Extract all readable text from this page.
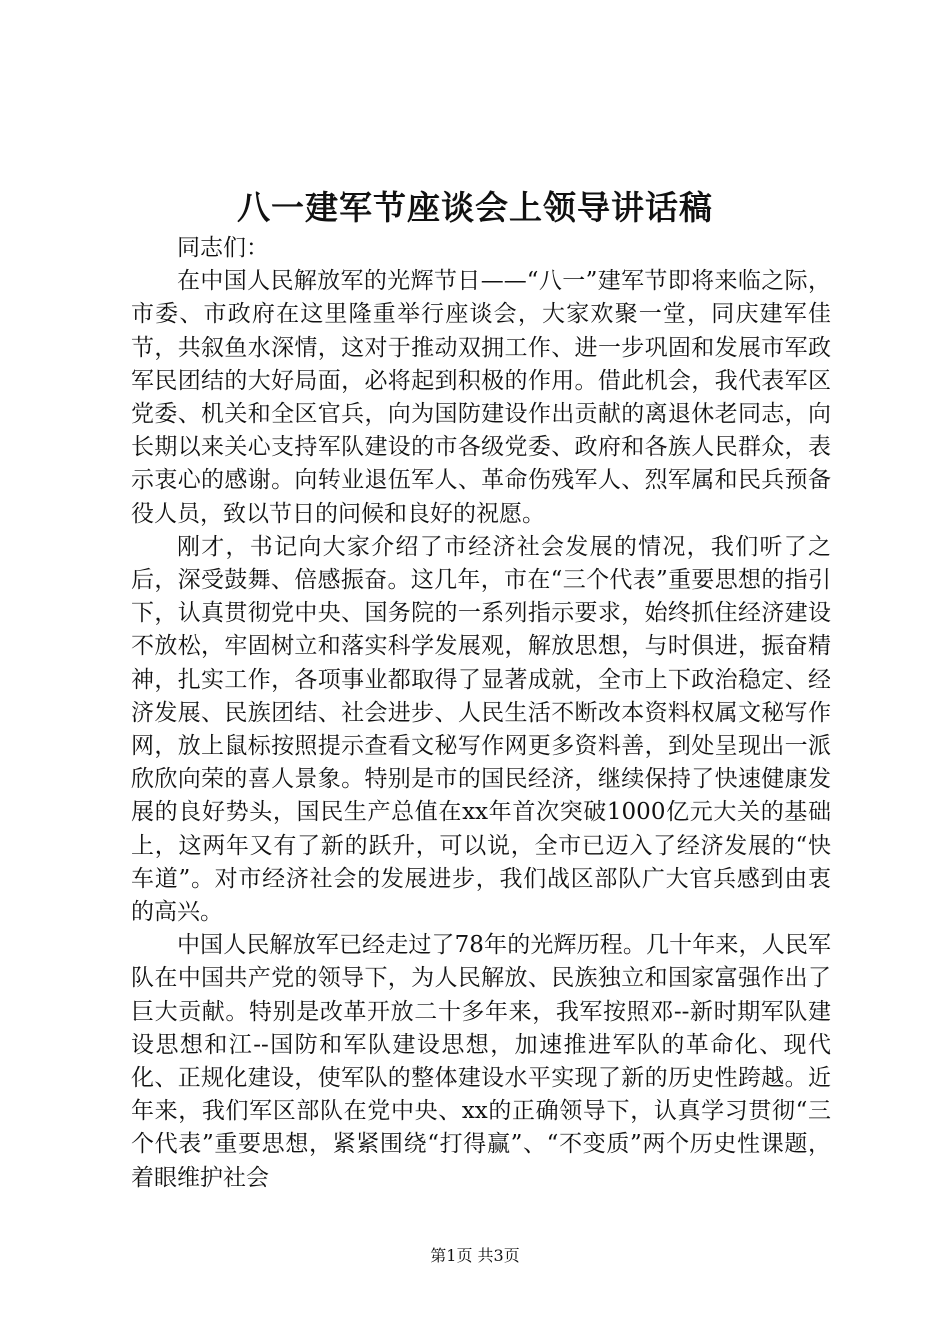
八一建军节座谈会上领导讲话稿

同志们：

在中国人民解放军的光辉节日——“八一”建军节即将来临之际，市委、市政府在这里隆重举行座谈会，大家欢聚一堂，同庆建军佳节，共叙鱼水深情，这对于推动双拥工作、进一步巩固和发展市军政军民团结的大好局面，必将起到积极的作用。借此机会，我代表军区党委、机关和全区官兵，向为国防建设作出贡献的离退休老同志，向长期以来关心支持军队建设的市各级党委、政府和各族人民群众，表示衷心的感谢。向转业退伍军人、革命伤残军人、烈军属和民兵预备役人员，致以节日的问候和良好的祝愿。

刚才，书记向大家介绍了市经济社会发展的情况，我们听了之后，深受鼓舞、倍感振奋。这几年，市在“三个代表”重要思想的指引下，认真贯彻党中央、国务院的一系列指示要求，始终抓住经济建设不放松，牢固树立和落实科学发展观，解放思想，与时俱进，振奋精神，扎实工作，各项事业都取得了显著成就，全市上下政治稳定、经济发展、民族团结、社会进步、人民生活不断改本资料权属文秘写作网，放上鼠标按照提示查看文秘写作网更多资料善，到处呈现出一派欣欣向荣的喜人景象。特别是市的国民经济，继续保持了快速健康发展的良好势头，国民生产总值在xx年首次突破1000亿元大关的基础上，这两年又有了新的跃升，可以说，全市已迈入了经济发展的“快车道”。对市经济社会的发展进步，我们战区部队广大官兵感到由衷的高兴。

中国人民解放军已经走过了78年的光辉历程。几十年来，人民军队在中国共产党的领导下，为人民解放、民族独立和国家富强作出了巨大贡献。特别是改革开放二十多年来，我军按照邓--新时期军队建设思想和江--国防和军队建设思想，加速推进军队的革命化、现代化、正规化建设，使军队的整体建设水平实现了新的历史性跨越。近年来，我们军区部队在党中央、xx的正确领导下，认真学习贯彻“三个代表”重要思想，紧紧围绕“打得赢”、“不变质”两个历史性课题，着眼维护社会

第1页 共3页
